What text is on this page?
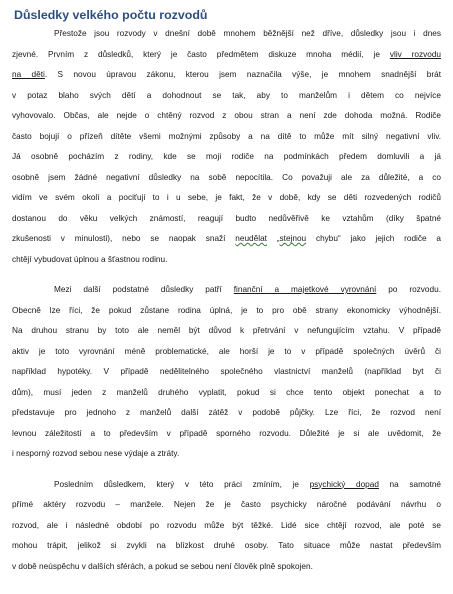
Důsledky velkého počtu rozvodů
Přestože jsou rozvody v dnešní době mnohem běžnější než dříve, důsledky jsou i dnes
zjevné. Prvním z důsledků, který je často předmětem diskuze mnoha médií, je vliv rozvodu
na děti. S novou úpravou zákonu, kterou jsem naznačila výše, je mnohem snadnější brát
v potaz blaho svých dětí a dohodnout se tak, aby to manželům i dětem co nejvíce
vyhovovalo. Občas, ale nejde o chtěný rozvod z obou stran a není zde dohoda možná. Rodiče
často bojují o přízeň dítěte všemi možnými způsoby a na dítě to může mít silný negativní vliv.
Já osobně pocházím z rodiny, kde se moji rodiče na podmínkách předem domluvili a já
osobně jsem žádné negativní důsledky na sobě nepocítila. Co považuji ale za důležité, a co
vidím ve svém okolí a pociťuji to i u sebe, je fakt, že v době, kdy se děti rozvedených rodičů
dostanou do věku velkých známostí, reagují budto nedůvěřivě ke vztahům (díky špatné
zkušenosti v minulosti), nebo se naopak snaží neudělat „stejnou chybu“ jako jejich rodiče a
chtějí vybudovat úplnou a šťastnou rodinu.
Mezi další podstatné důsledky patří finanční a majetkové vyrovnání po rozvodu.
Obecně lze říci, že pokud zůstane rodina úplná, je to pro obě strany ekonomicky výhodnější.
Na druhou stranu by toto ale neměl být důvod k přetrvání v nefungujícím vztahu. V případě
aktiv je toto vyrovnání méně problematické, ale horší je to v případě společných úvěrů či
například hypotéky. V případě nedělitelného společného vlastnictví manželů (například byt či
dům), musí jeden z manželů druhého vyplatit, pokud si chce tento objekt ponechat a to
představuje pro jednoho z manželů další zátěž v podobě půjčky. Lze říci, že rozvod není
levnou záležitostí a to především v případě sporného rozvodu. Důležité je si ale uvědomit, že
i nesporný rozvod sebou nese výdaje a ztráty.
Posledním důsledkem, který v této práci zmíním, je psychický dopad na samotné
přímé aktéry rozvodu – manžele. Nejen že je často psychicky náročné podávání návrhu o
rozvod, ale i následné období po rozvodu může být těžké. Lidé sice chtějí rozvod, ale poté se
mohou trápit, jelikož si zvykli na blízkost druhé osoby. Tato situace může nastat především
v době neúspěchu v dalších sférách, a pokud se sebou není člověk plně spokojen.
